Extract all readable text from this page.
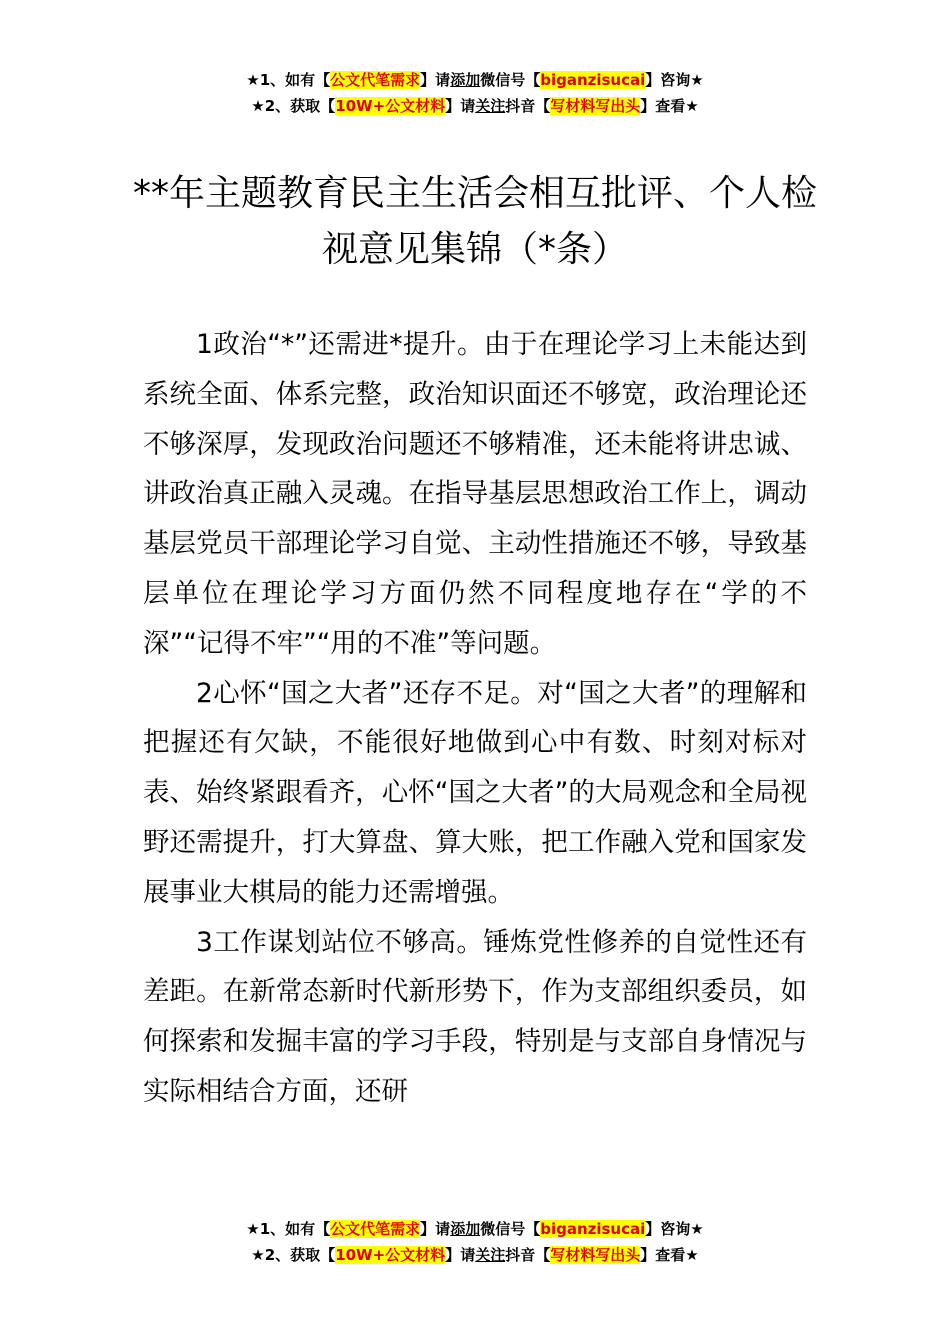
★1、如有【公文代笔需求】请添加微信号【biganzisucai】咨询★
★2、获取【10W+公文材料】请关注抖音【写材料写出头】查看★
**年主题教育民主生活会相互批评、个人检视意见集锦（*条）

1政治“*”还需进*提升。由于在理论学习上未能达到系统全面、体系完整，政治知识面还不够宽，政治理论还不够深厚，发现政治问题还不够精准，还未能将讲忠诚、讲政治真正融入灵魂。在指导基层思想政治工作上，调动基层党员干部理论学习自觉、主动性措施还不够，导致基层单位在理论学习方面仍然不同程度地存在“学的不深”“记得不牢”“用的不准”等问题。

2心怀“国之大者”还存不足。对“国之大者”的理解和把握还有欠缺，不能很好地做到心中有数、时刻对标对表、始终紧跟看齐，心怀“国之大者”的大局观念和全局视野还需提升，打大算盘、算大账，把工作融入党和国家发展事业大棋局的能力还需增强。

3工作谋划站位不够高。锤炼党性修养的自觉性还有差距。在新常态新时代新形势下，作为支部组织委员，如何探索和发掘丰富的学习手段，特别是与支部自身情况与实际相结合方面，还研

★1、如有【公文代笔需求】请添加微信号【biganzisucai】咨询★
★2、获取【10W+公文材料】请关注抖音【写材料写出头】查看★
